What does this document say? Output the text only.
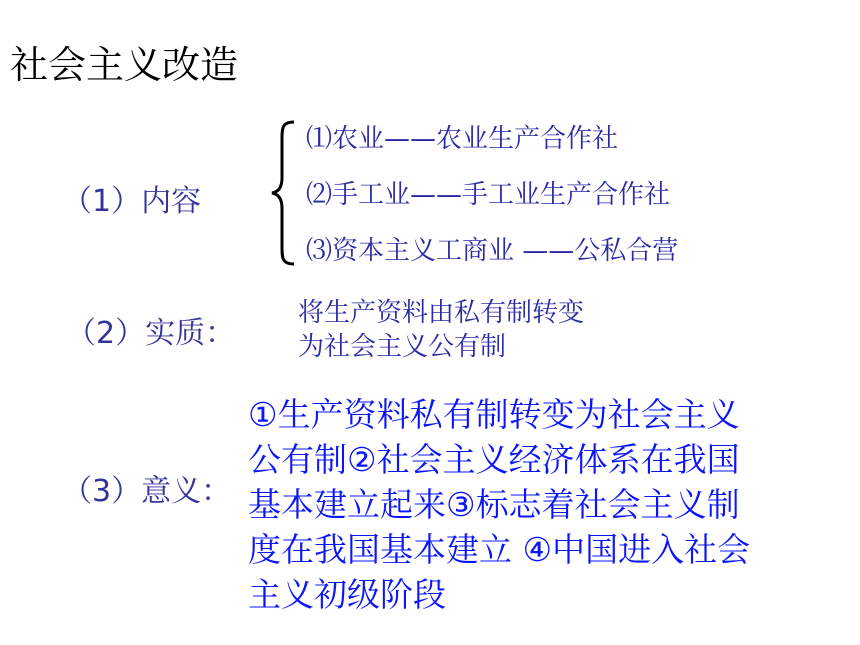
社会主义改造
（1）内容
⑴农业——农业生产合作社
⑵手工业——手工业生产合作社
⑶资本主义工商业 ——公私合营
（2）实质：
将生产资料由私有制转变
为社会主义公有制
（3）意义：
①生产资料私有制转变为社会主义
公有制②社会主义经济体系在我国
基本建立起来③标志着社会主义制
度在我国基本建立 ④中国进入社会
主义初级阶段
